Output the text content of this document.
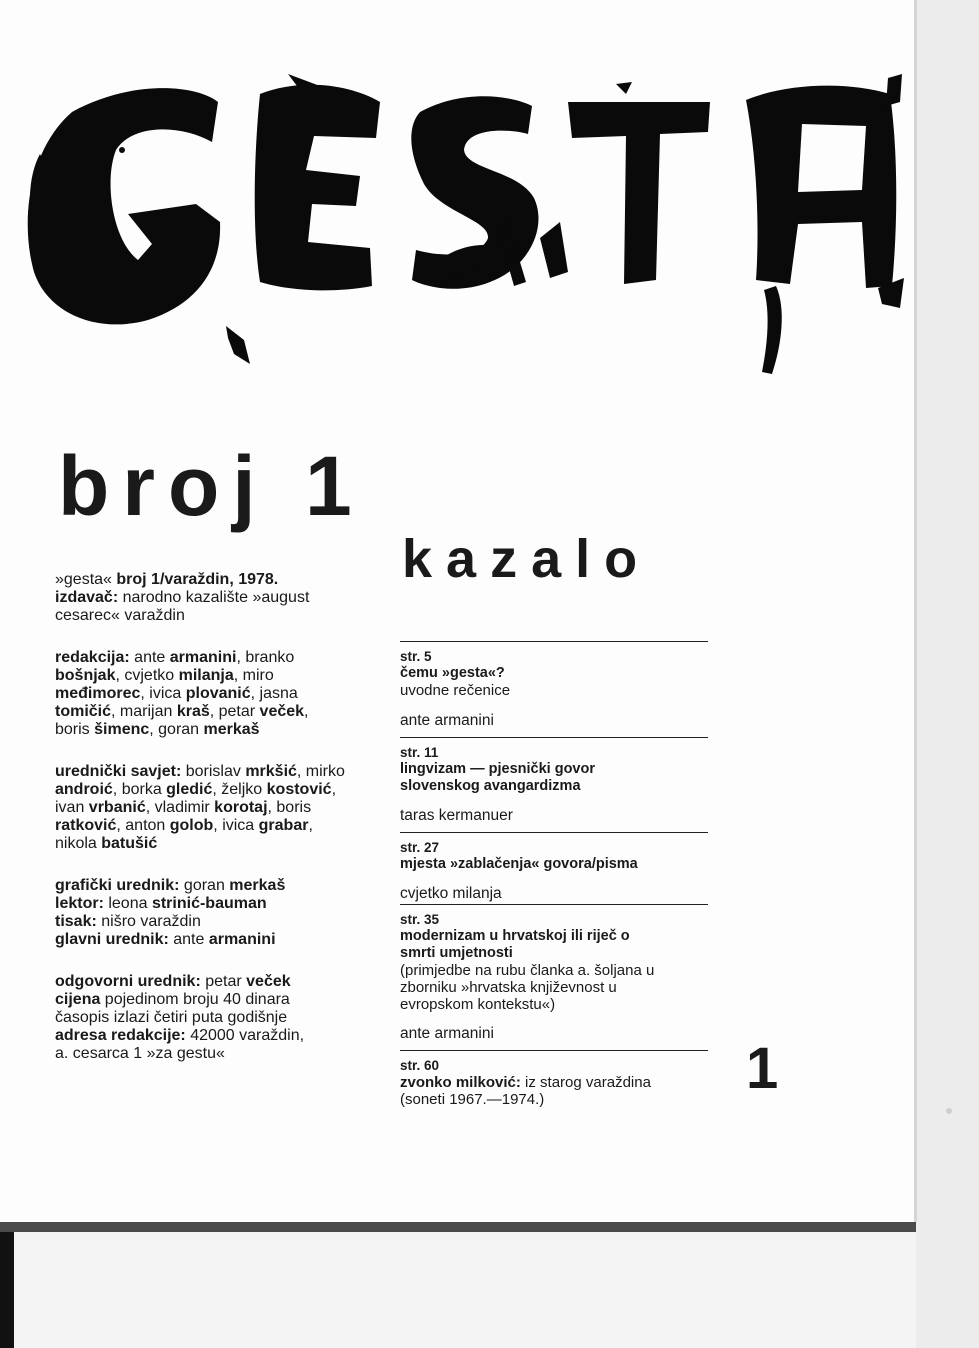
broj 1
kazalo
»gesta« broj 1/varaždin, 1978.
izdavač: narodno kazalište »august
cesarec« varaždin
redakcija: ante armanini, branko
bošnjak, cvjetko milanja, miro
međimorec, ivica plovanić, jasna
tomičić, marijan kraš, petar veček,
boris šimenc, goran merkaš
urednički savjet: borislav mrkšić, mirko
androić, borka gledić, željko kostović,
ivan vrbanić, vladimir korotaj, boris
ratković, anton golob, ivica grabar,
nikola batušić
grafički urednik: goran merkaš
lektor: leona strinić-bauman
tisak: nišro varaždin
glavni urednik: ante armanini
odgovorni urednik: petar veček
cijena pojedinom broju 40 dinara
časopis izlazi četiri puta godišnje
adresa redakcije: 42000 varaždin,
a. cesarca 1 »za gestu«
str. 5
čemu »gesta«?
uvodne rečenice
ante armanini
str. 11
lingvizam — pjesnički govor
slovenskog avangardizma
taras kermanuer
str. 27
mjesta »zablačenja« govora/pisma
cvjetko milanja
str. 35
modernizam u hrvatskoj ili riječ o
smrti umjetnosti
(primjedbe na rubu članka a. šoljana u
zborniku »hrvatska književnost u
evropskom kontekstu«)
ante armanini
str. 60
zvonko milković: iz starog varaždina
(soneti 1967.—1974.)	1
